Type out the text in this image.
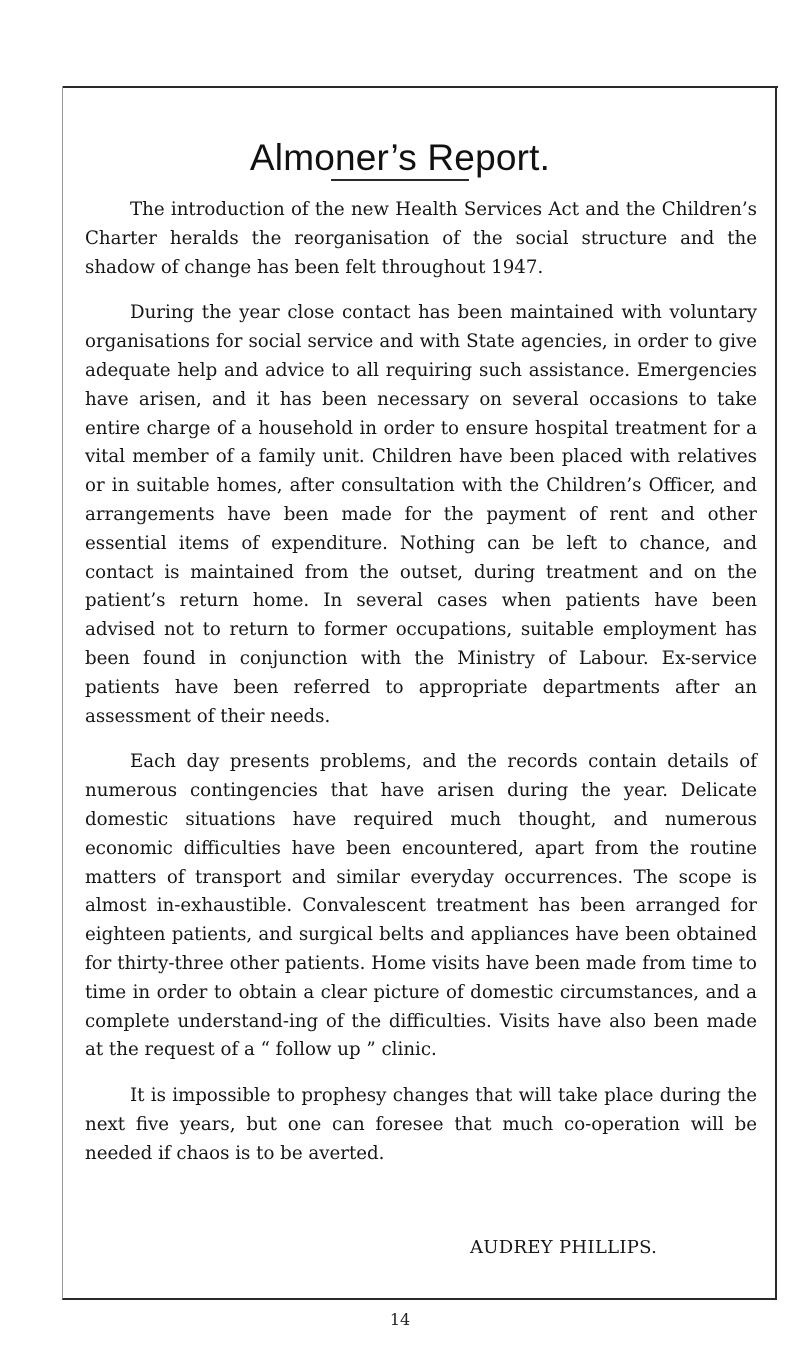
Almoner’s Report.

The introduction of the new Health Services Act and the Children’s Charter heralds the reorganisation of the social structure and the shadow of change has been felt throughout 1947.

During the year close contact has been maintained with voluntary organisations for social service and with State agencies, in order to give adequate help and advice to all requiring such assistance. Emergencies have arisen, and it has been necessary on several occasions to take entire charge of a household in order to ensure hospital treatment for a vital member of a family unit. Children have been placed with relatives or in suitable homes, after consultation with the Children’s Officer, and arrangements have been made for the payment of rent and other essential items of expenditure. Nothing can be left to chance, and contact is maintained from the outset, during treatment and on the patient’s return home. In several cases when patients have been advised not to return to former occupations, suitable employment has been found in conjunction with the Ministry of Labour. Ex-service patients have been referred to appropriate departments after an assessment of their needs.

Each day presents problems, and the records contain details of numerous contingencies that have arisen during the year. Delicate domestic situations have required much thought, and numerous economic difficulties have been encountered, apart from the routine matters of transport and similar everyday occurrences. The scope is almost in-exhaustible. Convalescent treatment has been arranged for eighteen patients, and surgical belts and appliances have been obtained for thirty-three other patients. Home visits have been made from time to time in order to obtain a clear picture of domestic circumstances, and a complete understand-ing of the difficulties. Visits have also been made at the request of a “ follow up ” clinic.

It is impossible to prophesy changes that will take place during the next five years, but one can foresee that much co-operation will be needed if chaos is to be averted.

AUDREY PHILLIPS.
14
